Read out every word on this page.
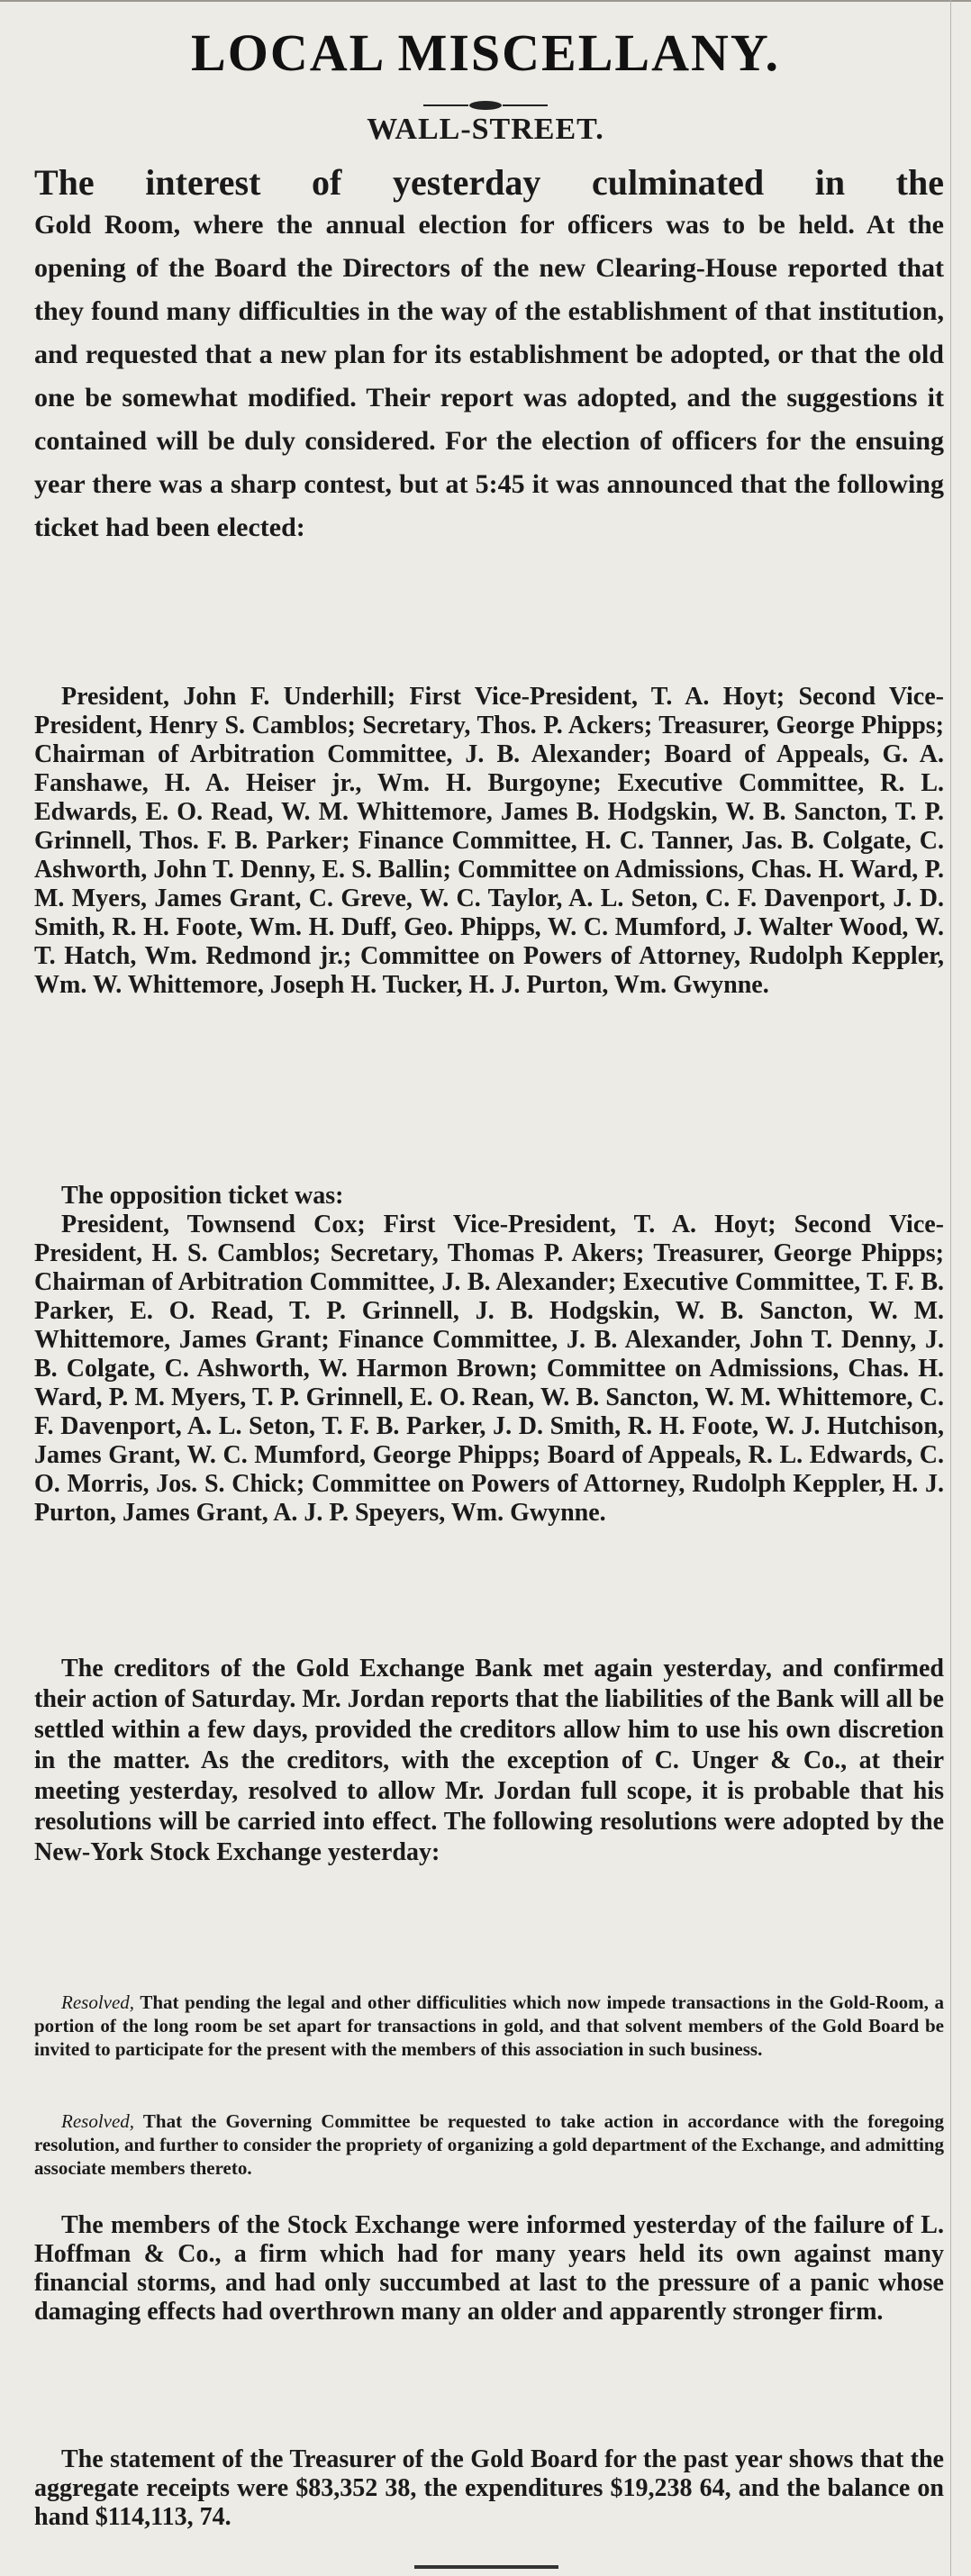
LOCAL MISCELLANY.
WALL-STREET.

The interest of yesterday culminated in the

Gold Room, where the annual election for officers was to be held. At the opening of the Board the Directors of the new Clearing-House reported that they found many difficulties in the way of the establishment of that institution, and requested that a new plan for its establishment be adopted, or that the old one be somewhat modified. Their report was adopted, and the suggestions it contained will be duly considered. For the election of officers for the ensuing year there was a sharp contest, but at 5:45 it was announced that the following ticket had been elected:

President, John F. Underhill; First Vice-President, T. A. Hoyt; Second Vice-President, Henry S. Camblos; Secretary, Thos. P. Ackers; Treasurer, George Phipps; Chairman of Arbitration Committee, J. B. Alexander; Board of Appeals, G. A. Fanshawe, H. A. Heiser jr., Wm. H. Burgoyne; Executive Committee, R. L. Edwards, E. O. Read, W. M. Whittemore, James B. Hodgskin, W. B. Sancton, T. P. Grinnell, Thos. F. B. Parker; Finance Committee, H. C. Tanner, Jas. B. Colgate, C. Ashworth, John T. Denny, E. S. Ballin; Committee on Admissions, Chas. H. Ward, P. M. Myers, James Grant, C. Greve, W. C. Taylor, A. L. Seton, C. F. Davenport, J. D. Smith, R. H. Foote, Wm. H. Duff, Geo. Phipps, W. C. Mumford, J. Walter Wood, W. T. Hatch, Wm. Redmond jr.; Committee on Powers of Attorney, Rudolph Keppler, Wm. W. Whittemore, Joseph H. Tucker, H. J. Purton, Wm. Gwynne.

The opposition ticket was:

President, Townsend Cox; First Vice-President, T. A. Hoyt; Second Vice-President, H. S. Camblos; Secretary, Thomas P. Akers; Treasurer, George Phipps; Chairman of Arbitration Committee, J. B. Alexander; Executive Committee, T. F. B. Parker, E. O. Read, T. P. Grinnell, J. B. Hodgskin, W. B. Sancton, W. M. Whittemore, James Grant; Finance Committee, J. B. Alexander, John T. Denny, J. B. Colgate, C. Ashworth, W. Harmon Brown; Committee on Admissions, Chas. H. Ward, P. M. Myers, T. P. Grinnell, E. O. Rean, W. B. Sancton, W. M. Whittemore, C. F. Davenport, A. L. Seton, T. F. B. Parker, J. D. Smith, R. H. Foote, W. J. Hutchison, James Grant, W. C. Mumford, George Phipps; Board of Appeals, R. L. Edwards, C. O. Morris, Jos. S. Chick; Committee on Powers of Attorney, Rudolph Keppler, H. J. Purton, James Grant, A. J. P. Speyers, Wm. Gwynne.

The creditors of the Gold Exchange Bank met again yesterday, and confirmed their action of Saturday. Mr. Jordan reports that the liabilities of the Bank will all be settled within a few days, provided the creditors allow him to use his own discretion in the matter. As the creditors, with the exception of C. Unger & Co., at their meeting yesterday, resolved to allow Mr. Jordan full scope, it is probable that his resolutions will be carried into effect. The following resolutions were adopted by the New-York Stock Exchange yesterday:

Resolved, That pending the legal and other difficulities which now impede transactions in the Gold-Room, a portion of the long room be set apart for transactions in gold, and that solvent members of the Gold Board be invited to participate for the present with the members of this association in such business.

Resolved, That the Governing Committee be requested to take action in accordance with the foregoing resolution, and further to consider the propriety of organizing a gold department of the Exchange, and admitting associate members thereto.

The members of the Stock Exchange were informed yesterday of the failure of L. Hoffman & Co., a firm which had for many years held its own against many financial storms, and had only succumbed at last to the pressure of a panic whose damaging effects had overthrown many an older and apparently stronger firm.

The statement of the Treasurer of the Gold Board for the past year shows that the aggregate receipts were $83,352 38, the expenditures $19,238 64, and the balance on hand $114,113, 74.
